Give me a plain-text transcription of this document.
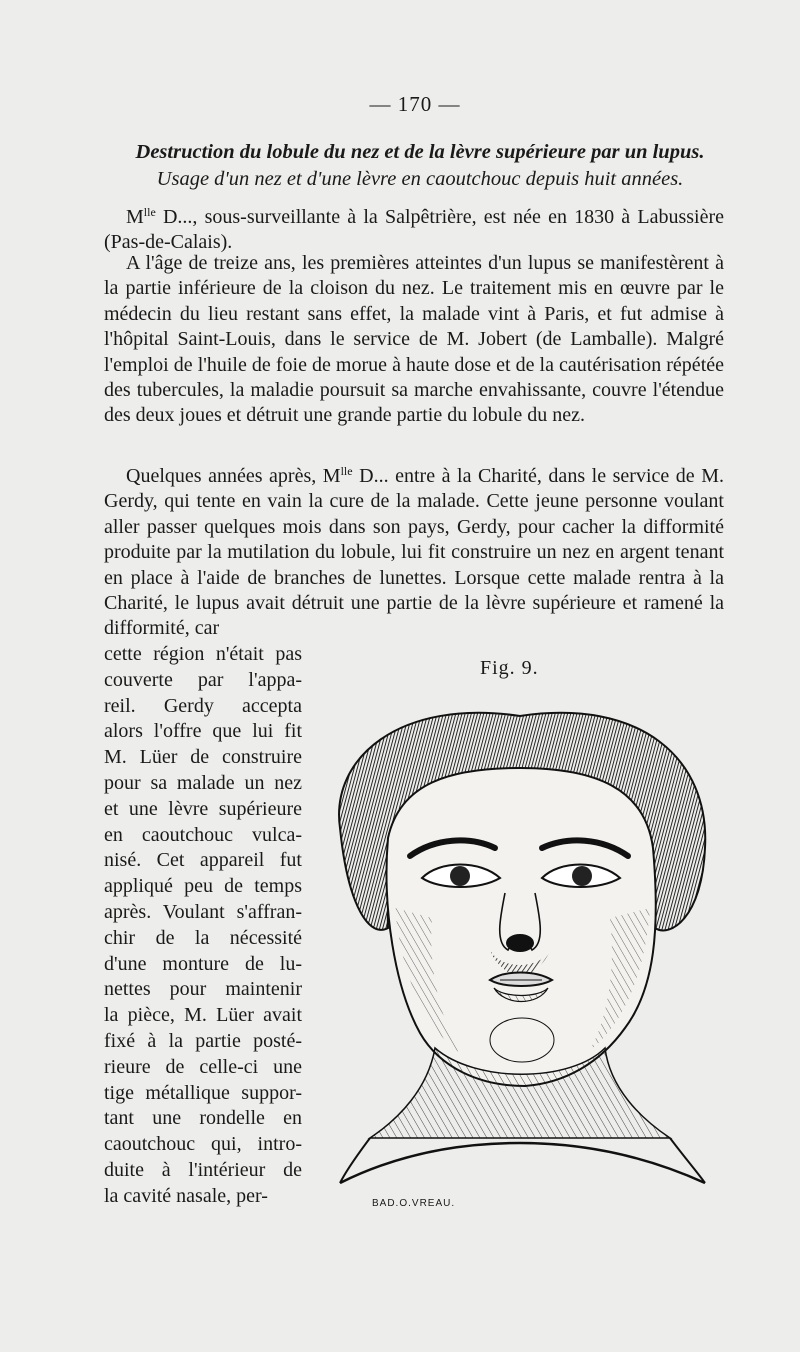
— 170 —
Destruction du lobule du nez et de la lèvre supérieure par un lupus.
Usage d'un nez et d'une lèvre en caoutchouc depuis huit années.

$M^{lle}$ D..., sous-surveillante à la Salpêtrière, est née en 1830 à Labussière (Pas-de-Calais).

A l'âge de treize ans, les premières atteintes d'un lupus se manifestèrent à la partie inférieure de la cloison du nez. Le traitement mis en œuvre par le médecin du lieu restant sans effet, la malade vint à Paris, et fut admise à l'hôpital Saint-Louis, dans le service de M. Jobert (de Lamballe). Malgré l'emploi de l'huile de foie de morue à haute dose et de la cautérisation répétée des tubercules, la maladie poursuit sa marche envahissante, couvre l'étendue des deux joues et détruit une grande partie du lobule du nez.

Quelques années après, $M^{lle}$ D... entre à la Charité, dans le service de M. Gerdy, qui tente en vain la cure de la malade. Cette jeune personne voulant aller passer quelques mois dans son pays, Gerdy, pour cacher la difformité produite par la mutilation du lobule, lui fit construire un nez en argent tenant en place à l'aide de branches de lunettes. Lorsque cette malade rentra à la Charité, le lupus avait détruit une partie de la lèvre supérieure et ramené la difformité, car

cette région n'était pas
couverte par l'appa-
reil. Gerdy accepta
alors l'offre que lui fit
M. Lüer de construire
pour sa malade un nez
et une lèvre supérieure
en caoutchouc vulca-
nisé. Cet appareil fut
appliqué peu de temps
après. Voulant s'affran-
chir de la nécessité
d'une monture de lu-
nettes pour maintenir
la pièce, M. Lüer avait
fixé à la partie posté-
rieure de celle-ci une
tige métallique suppor-
tant une rondelle en
caoutchouc qui, intro-
duite à l'intérieur de
la cavité nasale, per-
Fig. 9.
BAD.O.VREAU.
